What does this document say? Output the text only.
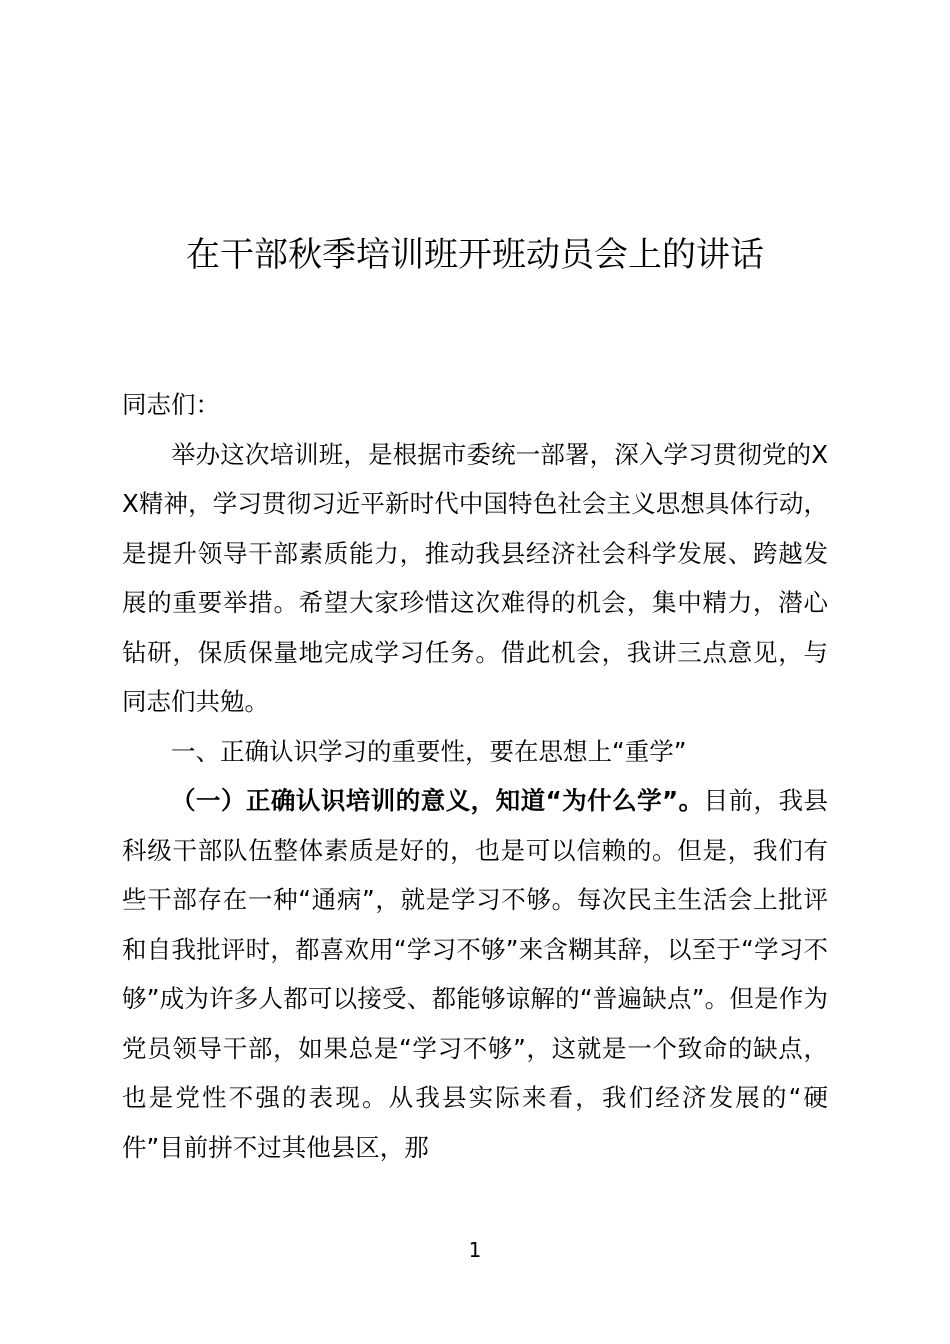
在干部秋季培训班开班动员会上的讲话

同志们：

举办这次培训班，是根据市委统一部署，深入学习贯彻党的XX精神，学习贯彻习近平新时代中国特色社会主义思想具体行动，是提升领导干部素质能力，推动我县经济社会科学发展、跨越发展的重要举措。希望大家珍惜这次难得的机会，集中精力，潜心钻研，保质保量地完成学习任务。借此机会，我讲三点意见，与同志们共勉。

一、正确认识学习的重要性，要在思想上“重学”

（一）正确认识培训的意义，知道“为什么学”。目前，我县科级干部队伍整体素质是好的，也是可以信赖的。但是，我们有些干部存在一种“通病”，就是学习不够。每次民主生活会上批评和自我批评时，都喜欢用“学习不够”来含糊其辞，以至于“学习不够”成为许多人都可以接受、都能够谅解的“普遍缺点”。但是作为党员领导干部，如果总是“学习不够”，这就是一个致命的缺点，也是党性不强的表现。从我县实际来看，我们经济发展的“硬件”目前拼不过其他县区，那

1
